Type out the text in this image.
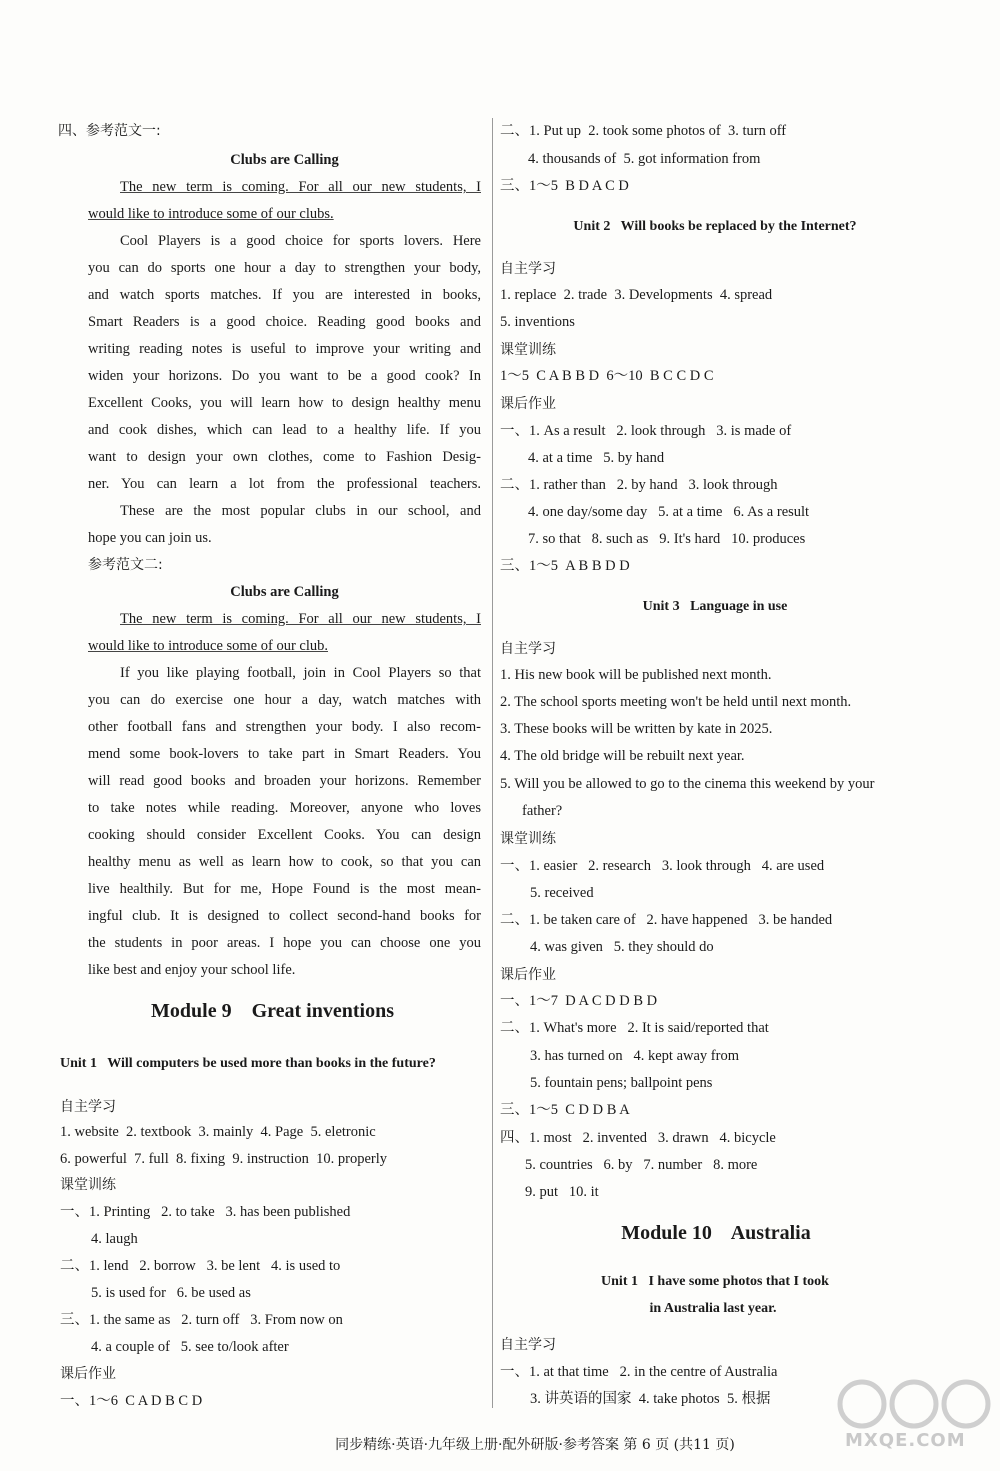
四、参考范文一:
Clubs are Calling
The new term is coming. For all our new students, I
would like to introduce some of our clubs.
Cool Players is a good choice for sports lovers. Here
you can do sports one hour a day to strengthen your body,
and watch sports matches. If you are interested in books,
Smart Readers is a good choice. Reading good books and
writing reading notes is useful to improve your writing and
widen your horizons. Do you want to be a good cook? In
Excellent Cooks, you will learn how to design healthy menu
and cook dishes, which can lead to a healthy life. If you
want to design your own clothes, come to Fashion Desig-
ner. You can learn a lot from the professional teachers.
These are the most popular clubs in our school, and
hope you can join us.
参考范文二:
Clubs are Calling
The new term is coming. For all our new students, I
would like to introduce some of our club.
If you like playing football, join in Cool Players so that
you can do exercise one hour a day, watch matches with
other football fans and strengthen your body. I also recom-
mend some book-lovers to take part in Smart Readers. You
will read good books and broaden your horizons. Remember
to take notes while reading. Moreover, anyone who loves
cooking should consider Excellent Cooks. You can design
healthy menu as well as learn how to cook, so that you can
live healthily. But for me, Hope Found is the most mean-
ingful club. It is designed to collect second-hand books for
the students in poor areas. I hope you can choose one you
like best and enjoy your school life.
Module 9    Great inventions
Unit 1   Will computers be used more than books in the future?
自主学习
1. website  2. textbook  3. mainly  4. Page  5. eletronic
6. powerful  7. full  8. fixing  9. instruction  10. properly
课堂训练
一、1. Printing   2. to take   3. has been published
4. laugh
二、1. lend   2. borrow   3. be lent   4. is used to
5. is used for   6. be used as
三、1. the same as   2. turn off   3. From now on
4. a couple of   5. see to/look after
课后作业
一、1～6  C A D B C D
二、1. Put up  2. took some photos of  3. turn off
4. thousands of  5. got information from
三、1～5  B D A C D
Unit 2   Will books be replaced by the Internet?
自主学习
1. replace  2. trade  3. Developments  4. spread
5. inventions
课堂训练
1～5  C A B B D  6～10  B C C D C
课后作业
一、1. As a result   2. look through   3. is made of
4. at a time   5. by hand
二、1. rather than   2. by hand   3. look through
4. one day/some day   5. at a time   6. As a result
7. so that   8. such as   9. It's hard   10. produces
三、1～5  A B B D D
Unit 3   Language in use
自主学习
1. His new book will be published next month.
2. The school sports meeting won't be held until next month.
3. These books will be written by kate in 2025.
4. The old bridge will be rebuilt next year.
5. Will you be allowed to go to the cinema this weekend by your
father?
课堂训练
一、1. easier   2. research   3. look through   4. are used
5. received
二、1. be taken care of   2. have happened   3. be handed
4. was given   5. they should do
课后作业
一、1～7  D A C D D B D
二、1. What's more   2. It is said/reported that
3. has turned on   4. kept away from
5. fountain pens; ballpoint pens
三、1～5  C D D B A
四、1. most   2. invented   3. drawn   4. bicycle
5. countries   6. by   7. number   8. more
9. put   10. it
Module 10    Australia
Unit 1   I have some photos that I took
in Australia last year.
自主学习
一、1. at that time   2. in the centre of Australia
3. 讲英语的国家  4. take photos  5. 根据
同步精练·英语·九年级上册·配外研版·参考答案 第 6 页 (共11 页)	MXQE.COM
